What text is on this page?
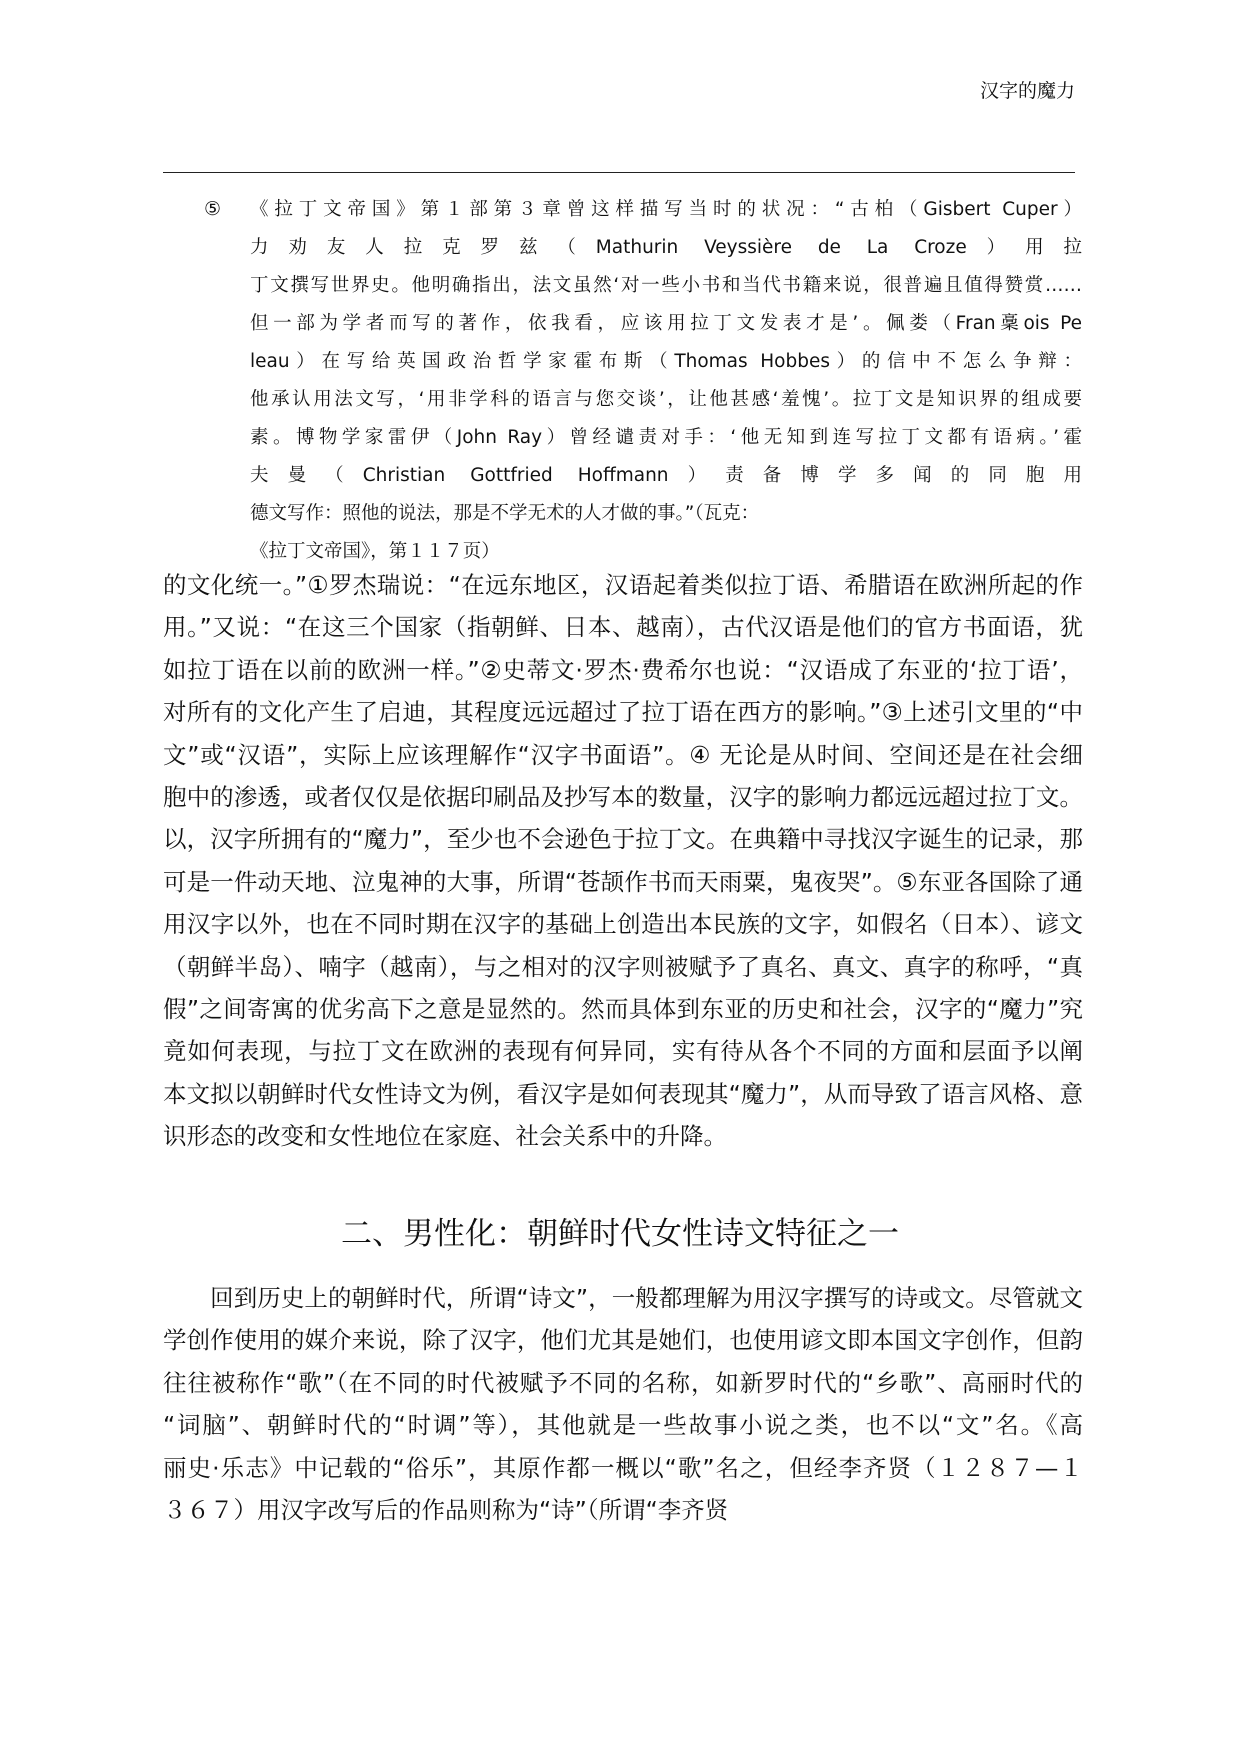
汉字的魔力
⑤ 《拉丁文帝国》第１部第３章曾这样描写当时的状况：“古柏（Gisbert Cuper）
力劝友人拉克罗兹（Mathurin Veyssière de La Croze）用拉
丁文撰写世界史。他明确指出，法文虽然‘对一些小书和当代书籍来说，很普遍且值得赞赏……
但一部为学者而写的著作，依我看，应该用拉丁文发表才是’。佩娄（Fran稾ois Pe
leau）在写给英国政治哲学家霍布斯（Thomas Hobbes）的信中不怎么争辩：
他承认用法文写，‘用非学科的语言与您交谈’，让他甚感‘羞愧’。拉丁文是知识界的组成要
素。博物学家雷伊（John Ray）曾经谴责对手：‘他无知到连写拉丁文都有语病。’霍
夫曼（Christian Gottfried Hoffmann）责备博学多闻的同胞用
德文写作：照他的说法，那是不学无术的人才做的事。”（瓦克：
《拉丁文帝国》，第１１７页）
的文化统一。”①罗杰瑞说：“在远东地区，汉语起着类似拉丁语、希腊语在欧洲所起的作
用。”又说：“在这三个国家（指朝鲜、日本、越南），古代汉语是他们的官方书面语，犹
如拉丁语在以前的欧洲一样。”②史蒂文·罗杰·费希尔也说：“汉语成了东亚的‘拉丁语’，
对所有的文化产生了启迪，其程度远远超过了拉丁语在西方的影响。”③上述引文里的“中
文”或“汉语”，实际上应该理解作“汉字书面语”。④ 无论是从时间、空间还是在社会细
胞中的渗透，或者仅仅是依据印刷品及抄写本的数量，汉字的影响力都远远超过拉丁文。
以，汉字所拥有的“魔力”，至少也不会逊色于拉丁文。在典籍中寻找汉字诞生的记录，那
可是一件动天地、泣鬼神的大事，所谓“苍颉作书而天雨粟，鬼夜哭”。⑤东亚各国除了通
用汉字以外，也在不同时期在汉字的基础上创造出本民族的文字，如假名（日本）、谚文
（朝鲜半岛）、喃字（越南），与之相对的汉字则被赋予了真名、真文、真字的称呼，“真
假”之间寄寓的优劣高下之意是显然的。然而具体到东亚的历史和社会，汉字的“魔力”究
竟如何表现，与拉丁文在欧洲的表现有何异同，实有待从各个不同的方面和层面予以阐
本文拟以朝鲜时代女性诗文为例，看汉字是如何表现其“魔力”，从而导致了语言风格、意
识形态的改变和女性地位在家庭、社会关系中的升降。
二、男性化：朝鲜时代女性诗文特征之一
　　回到历史上的朝鲜时代，所谓“诗文”，一般都理解为用汉字撰写的诗或文。尽管就文
学创作使用的媒介来说，除了汉字，他们尤其是她们，也使用谚文即本国文字创作，但韵
往往被称作“歌”（在不同的时代被赋予不同的名称，如新罗时代的“乡歌”、高丽时代的
“词脑”、朝鲜时代的“时调”等），其他就是一些故事小说之类，也不以“文”名。《高
丽史·乐志》中记载的“俗乐”，其原作都一概以“歌”名之，但经李齐贤（１２８７—１
３６７）用汉字改写后的作品则称为“诗”（所谓“李齐贤
